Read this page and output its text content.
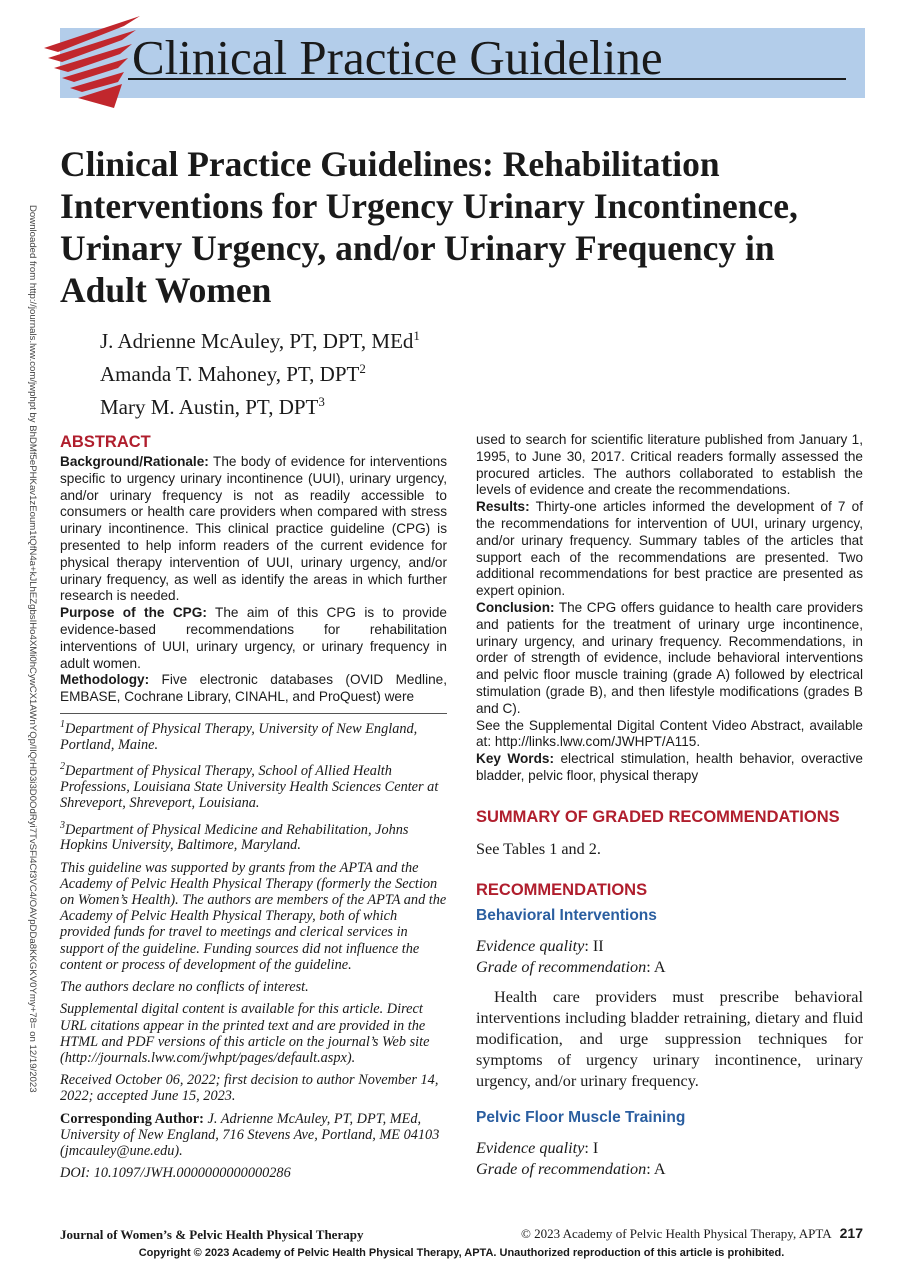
Clinical Practice Guideline
Downloaded from http://journals.lww.com/jwphpt by BhDMf5ePHKav1zEoum1tQfN4a+kJLhEZgbsIHo4XMi0hCywCX1AWnYQp/IlQrHD3i3D0OdRyi7TvSFl4Cf3VC4/OAVpDDa8KKGKV0Ymy+78= on 12/19/2023
Clinical Practice Guidelines: Rehabilitation Interventions for Urgency Urinary Incontinence, Urinary Urgency, and/or Urinary Frequency in Adult Women
J. Adrienne McAuley, PT, DPT, MEd$^1$
Amanda T. Mahoney, PT, DPT$^2$
Mary M. Austin, PT, DPT$^3$
ABSTRACT

Background/Rationale: The body of evidence for interventions specific to urgency urinary incontinence (UUI), urinary urgency, and/or urinary frequency is not as readily accessible to consumers or health care providers when compared with stress urinary incontinence. This clinical practice guideline (CPG) is presented to help inform readers of the current evidence for physical therapy intervention of UUI, urinary urgency, and/or urinary frequency, as well as identify the areas in which further research is needed.

Purpose of the CPG: The aim of this CPG is to provide evidence-based recommendations for rehabilitation interventions of UUI, urinary urgency, or urinary frequency in adult women.

Methodology: Five electronic databases (OVID Medline, EMBASE, Cochrane Library, CINAHL, and ProQuest) were

$^1$Department of Physical Therapy, University of New England, Portland, Maine.

$^2$Department of Physical Therapy, School of Allied Health Professions, Louisiana State University Health Sciences Center at Shreveport, Shreveport, Louisiana.

$^3$Department of Physical Medicine and Rehabilitation, Johns Hopkins University, Baltimore, Maryland.

This guideline was supported by grants from the APTA and the Academy of Pelvic Health Physical Therapy (formerly the Section on Women’s Health). The authors are members of the APTA and the Academy of Pelvic Health Physical Therapy, both of which provided funds for travel to meetings and clerical services in support of the guideline. Funding sources did not influence the content or process of development of the guideline.

The authors declare no conflicts of interest.

Supplemental digital content is available for this article. Direct URL citations appear in the printed text and are provided in the HTML and PDF versions of this article on the journal’s Web site (http://journals.lww.com/jwhpt/pages/default.aspx).

Received October 06, 2022; first decision to author November 14, 2022; accepted June 15, 2023.

Corresponding Author: J. Adrienne McAuley, PT, DPT, MEd, University of New England, 716 Stevens Ave, Portland, ME 04103 (jmcauley@une.edu).

DOI: 10.1097/JWH.0000000000000286

used to search for scientific literature published from January 1, 1995, to June 30, 2017. Critical readers formally assessed the procured articles. The authors collaborated to establish the levels of evidence and create the recommendations.

Results: Thirty-one articles informed the development of 7 of the recommendations for intervention of UUI, urinary urgency, and/or urinary frequency. Summary tables of the articles that support each of the recommendations are presented. Two additional recommendations for best practice are presented as expert opinion.

Conclusion: The CPG offers guidance to health care providers and patients for the treatment of urinary urge incontinence, urinary urgency, and urinary frequency. Recommendations, in order of strength of evidence, include behavioral interventions and pelvic floor muscle training (grade A) followed by electrical stimulation (grade B), and then lifestyle modifications (grades B and C).

See the Supplemental Digital Content Video Abstract, available at: http://links.lww.com/JWHPT/A115.

Key Words: electrical stimulation, health behavior, overactive bladder, pelvic floor, physical therapy

SUMMARY OF GRADED RECOMMENDATIONS
See Tables 1 and 2.
RECOMMENDATIONS
Behavioral Interventions

Evidence quality: II

Grade of recommendation: A

Health care providers must prescribe behavioral interventions including bladder retraining, dietary and fluid modification, and urge suppression techniques for symptoms of urgency urinary incontinence, urinary urgency, and/or urinary frequency.

Pelvic Floor Muscle Training

Evidence quality: I

Grade of recommendation: A

Journal of Women’s & Pelvic Health Physical Therapy	© 2023 Academy of Pelvic Health Physical Therapy, APTA 217
Copyright © 2023 Academy of Pelvic Health Physical Therapy, APTA. Unauthorized reproduction of this article is prohibited.
